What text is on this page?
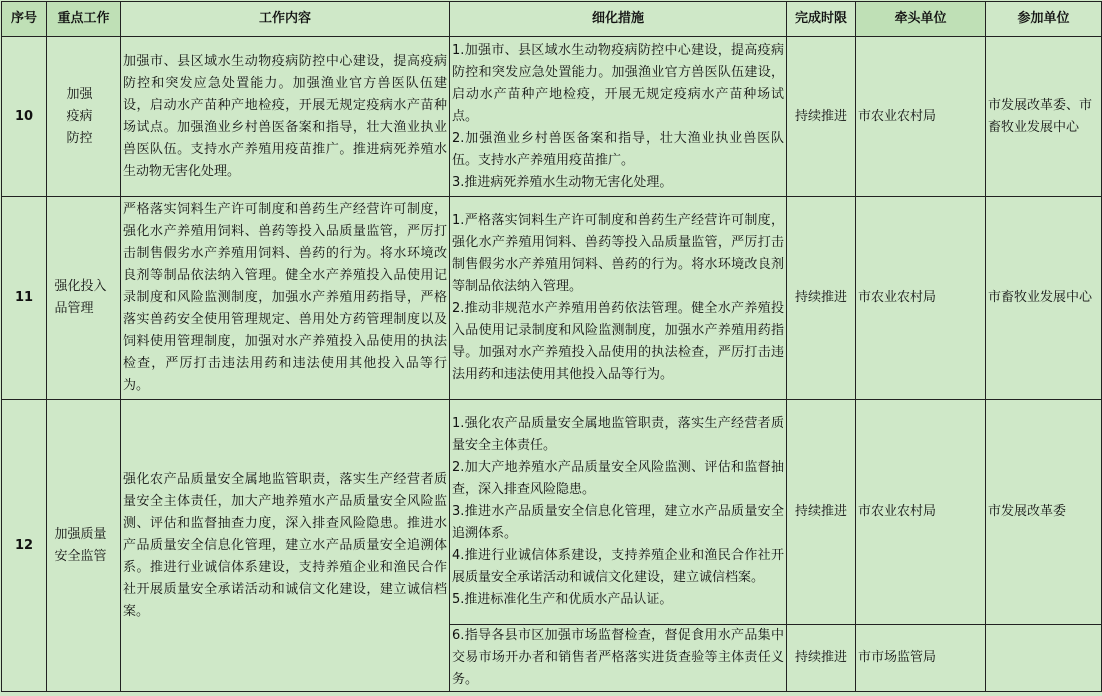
序号	重点工作	工作内容	细化措施	完成时限	牵头单位	参加单位
10	加强
疫病
防控	加强市、县区域水生动物疫病防控中心建设，提高疫病防控和突发应急处置能力。加强渔业官方兽医队伍建设，启动水产苗种产地检疫，开展无规定疫病水产苗种场试点。加强渔业乡村兽医备案和指导，壮大渔业执业兽医队伍。支持水产养殖用疫苗推广。推进病死养殖水生动物无害化处理。	1.加强市、县区域水生动物疫病防控中心建设，提高疫病防控和突发应急处置能力。加强渔业官方兽医队伍建设，启动水产苗种产地检疫，开展无规定疫病水产苗种场试点。
2.加强渔业乡村兽医备案和指导，壮大渔业执业兽医队伍。支持水产养殖用疫苗推广。
3.推进病死养殖水生动物无害化处理。	持续推进	市农业农村局	市发展改革委、市畜牧业发展中心
11	强化投入品管理	严格落实饲料生产许可制度和兽药生产经营许可制度，强化水产养殖用饲料、兽药等投入品质量监管，严厉打击制售假劣水产养殖用饲料、兽药的行为。将水环境改良剂等制品依法纳入管理。健全水产养殖投入品使用记录制度和风险监测制度，加强水产养殖用药指导，严格落实兽药安全使用管理规定、兽用处方药管理制度以及饲料使用管理制度，加强对水产养殖投入品使用的执法检查，严厉打击违法用药和违法使用其他投入品等行为。	1.严格落实饲料生产许可制度和兽药生产经营许可制度，强化水产养殖用饲料、兽药等投入品质量监管，严厉打击制售假劣水产养殖用饲料、兽药的行为。将水环境改良剂等制品依法纳入管理。
2.推动非规范水产养殖用兽药依法管理。健全水产养殖投入品使用记录制度和风险监测制度，加强水产养殖用药指导。加强对水产养殖投入品使用的执法检查，严厉打击违法用药和违法使用其他投入品等行为。	持续推进	市农业农村局	市畜牧业发展中心
12	加强质量安全监管	强化农产品质量安全属地监管职责，落实生产经营者质量安全主体责任，加大产地养殖水产品质量安全风险监测、评估和监督抽查力度，深入排查风险隐患。推进水产品质量安全信息化管理，建立水产品质量安全追溯体系。推进行业诚信体系建设，支持养殖企业和渔民合作社开展质量安全承诺活动和诚信文化建设，建立诚信档案。	1.强化农产品质量安全属地监管职责，落实生产经营者质量安全主体责任。
2.加大产地养殖水产品质量安全风险监测、评估和监督抽查，深入排查风险隐患。
3.推进水产品质量安全信息化管理，建立水产品质量安全追溯体系。
4.推进行业诚信体系建设，支持养殖企业和渔民合作社开展质量安全承诺活动和诚信文化建设，建立诚信档案。
5.推进标准化生产和优质水产品认证。	持续推进	市农业农村局	市发展改革委

			6.指导各县市区加强市场监督检查，督促食用水产品集中交易市场开办者和销售者严格落实进货查验等主体责任义务。	持续推进	市市场监管局	
